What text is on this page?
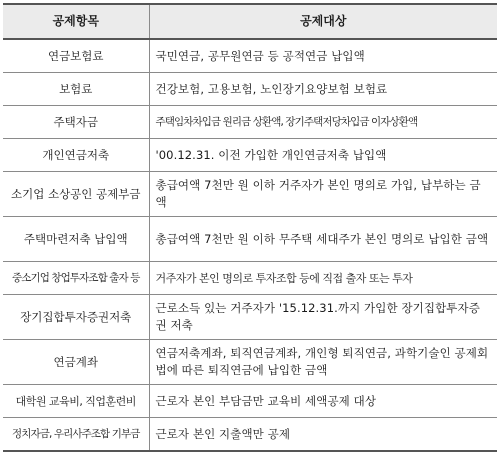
공제항목	공제대상
연금보험료	국민연금, 공무원연금 등 공적연금 납입액
보험료	건강보험, 고용보험, 노인장기요양보험 보험료
주택자금	주택임차차입금 원리금 상환액, 장기주택저당차입금 이자상환액
개인연금저축	'00.12.31. 이전 가입한 개인연금저축 납입액
소기업 소상공인 공제부금	총급여액 7천만 원 이하 거주자가 본인 명의로 가입, 납부하는 금액
주택마련저축 납입액	총급여액 7천만 원 이하 무주택 세대주가 본인 명의로 납입한 금액
중소기업 창업투자조합 출자 등	거주자가 본인 명의로 투자조합 등에 직접 출자 또는 투자
장기집합투자증권저축	근로소득 있는 거주자가 '15.12.31.까지 가입한 장기집합투자증권 저축
연금계좌	연금저축계좌, 퇴직연금계좌, 개인형 퇴직연금, 과학기술인 공제회 법에 따른 퇴직연금에 납입한 금액
대학원 교육비, 직업훈련비	근로자 본인 부담금만 교육비 세액공제 대상
정치자금, 우리사주조합 기부금	근로자 본인 지출액만 공제
